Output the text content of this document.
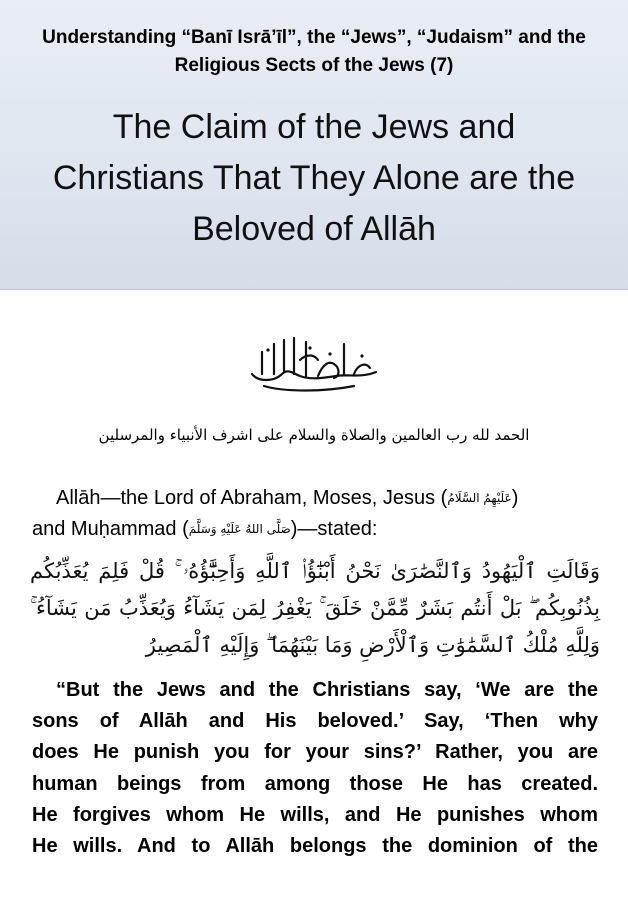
Understanding “Banī Isrā’īl”, the “Jews”, “Judaism” and the
Religious Sects of the Jews (7)
The Claim of the Jews and
Christians That They Alone are the
Beloved of Allāh
الحمد لله رب العالمين والصلاة والسلام على اشرف الأنبياء والمرسلين
Allāh—the Lord of Abraham, Moses, Jesus (عَلَيْهِمُ السَّلَامُ)
and Muḥammad (صَلَّى اللهُ عَلَيْهِ وَسَلَّمَ)—stated:
وَقَالَتِ ٱلْيَهُودُ وَٱلنَّصَٰرَىٰ نَحْنُ أَبْنَٰٓؤُا۟ ٱللَّهِ وَأَحِبَّٰٓؤُهُۥ ۚ قُلْ فَلِمَ يُعَذِّبُكُم بِذُنُوبِكُم ۖ بَلْ أَنتُم بَشَرٌ مِّمَّنْ خَلَقَ ۚ يَغْفِرُ لِمَن يَشَآءُ وَيُعَذِّبُ مَن يَشَآءُ ۚ وَلِلَّهِ مُلْكُ ٱلسَّمَٰوَٰتِ وَٱلْأَرْضِ وَمَا بَيْنَهُمَا ۖ وَإِلَيْهِ ٱلْمَصِيرُ
“But the Jews and the Christians say, ‘We are the
sons of Allāh and His beloved.’ Say, ‘Then why
does He punish you for your sins?’ Rather, you are
human beings from among those He has created.
He forgives whom He wills, and He punishes whom
He wills. And to Allāh belongs the dominion of the
